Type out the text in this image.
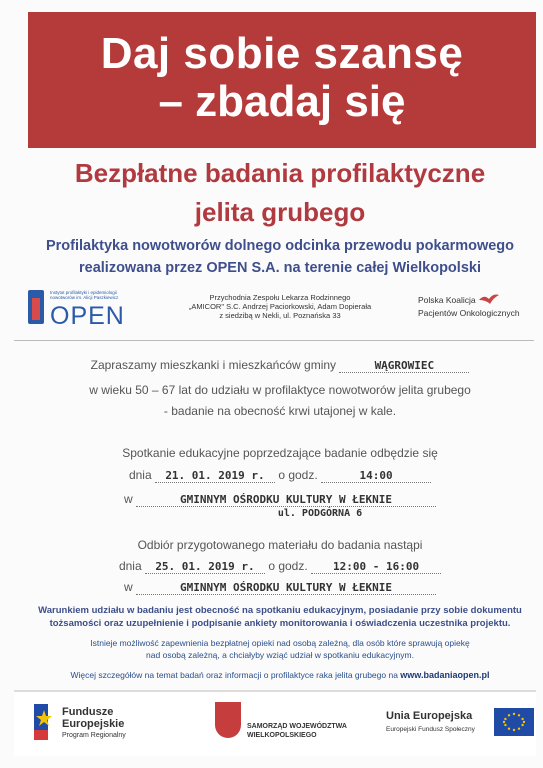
Daj sobie szansę
– zbadaj się
Bezpłatne badania profilaktyczne
jelita grubego
Profilaktyka nowotworów dolnego odcinka przewodu pokarmowego
realizowana przez OPEN S.A. na terenie całej Wielkopolski
Instytut profilaktyki i epidemiologii nowotworów im. Alicji Paszkiewicz
OPEN
Przychodnia Zespołu Lekarza Rodzinnego
„AMICOR" S.C. Andrzej Paciorkowski, Adam Dopierała
z siedzibą w Nekli, ul. Poznańska 33
Polska Koalicja
Pacjentów Onkologicznych
Zapraszamy mieszkanki i mieszkańców gminy	WĄGROWIEC
w wieku 50 – 67 lat do udziału w profilaktyce nowotworów jelita grubego
- badanie na obecność krwi utajonej w kale.
Spotkanie edukacyjne poprzedzające badanie odbędzie się
dnia 21. 01. 2019 r. o godz.	14:00
w	GMINNYM OŚRODKU KULTURY W ŁEKNIE
ul. PODGÓRNA 6
Odbiór przygotowanego materiału do badania nastąpi
dnia 25. 01. 2019 r. o godz. 12:00 - 16:00
w	GMINNYM OŚRODKU KULTURY W ŁEKNIE
Warunkiem udziału w badaniu jest obecność na spotkaniu edukacyjnym, posiadanie przy sobie dokumentu
tożsamości oraz uzupełnienie i podpisanie ankiety monitorowania i oświadczenia uczestnika projektu.
Istnieje możliwość zapewnienia bezpłatnej opieki nad osobą zależną, dla osób które sprawują opiekę
nad osobą zależną, a chciałyby wziąć udział w spotkaniu edukacyjnym.
Więcej szczegółów na temat badań oraz informacji o profilaktyce raka jelita grubego na www.badaniaopen.pl
Fundusze
Europejskie
Program Regionalny
SAMORZĄD WOJEWÓDZTWA
WIELKOPOLSKIEGO
Unia Europejska
Europejski Fundusz Społeczny
